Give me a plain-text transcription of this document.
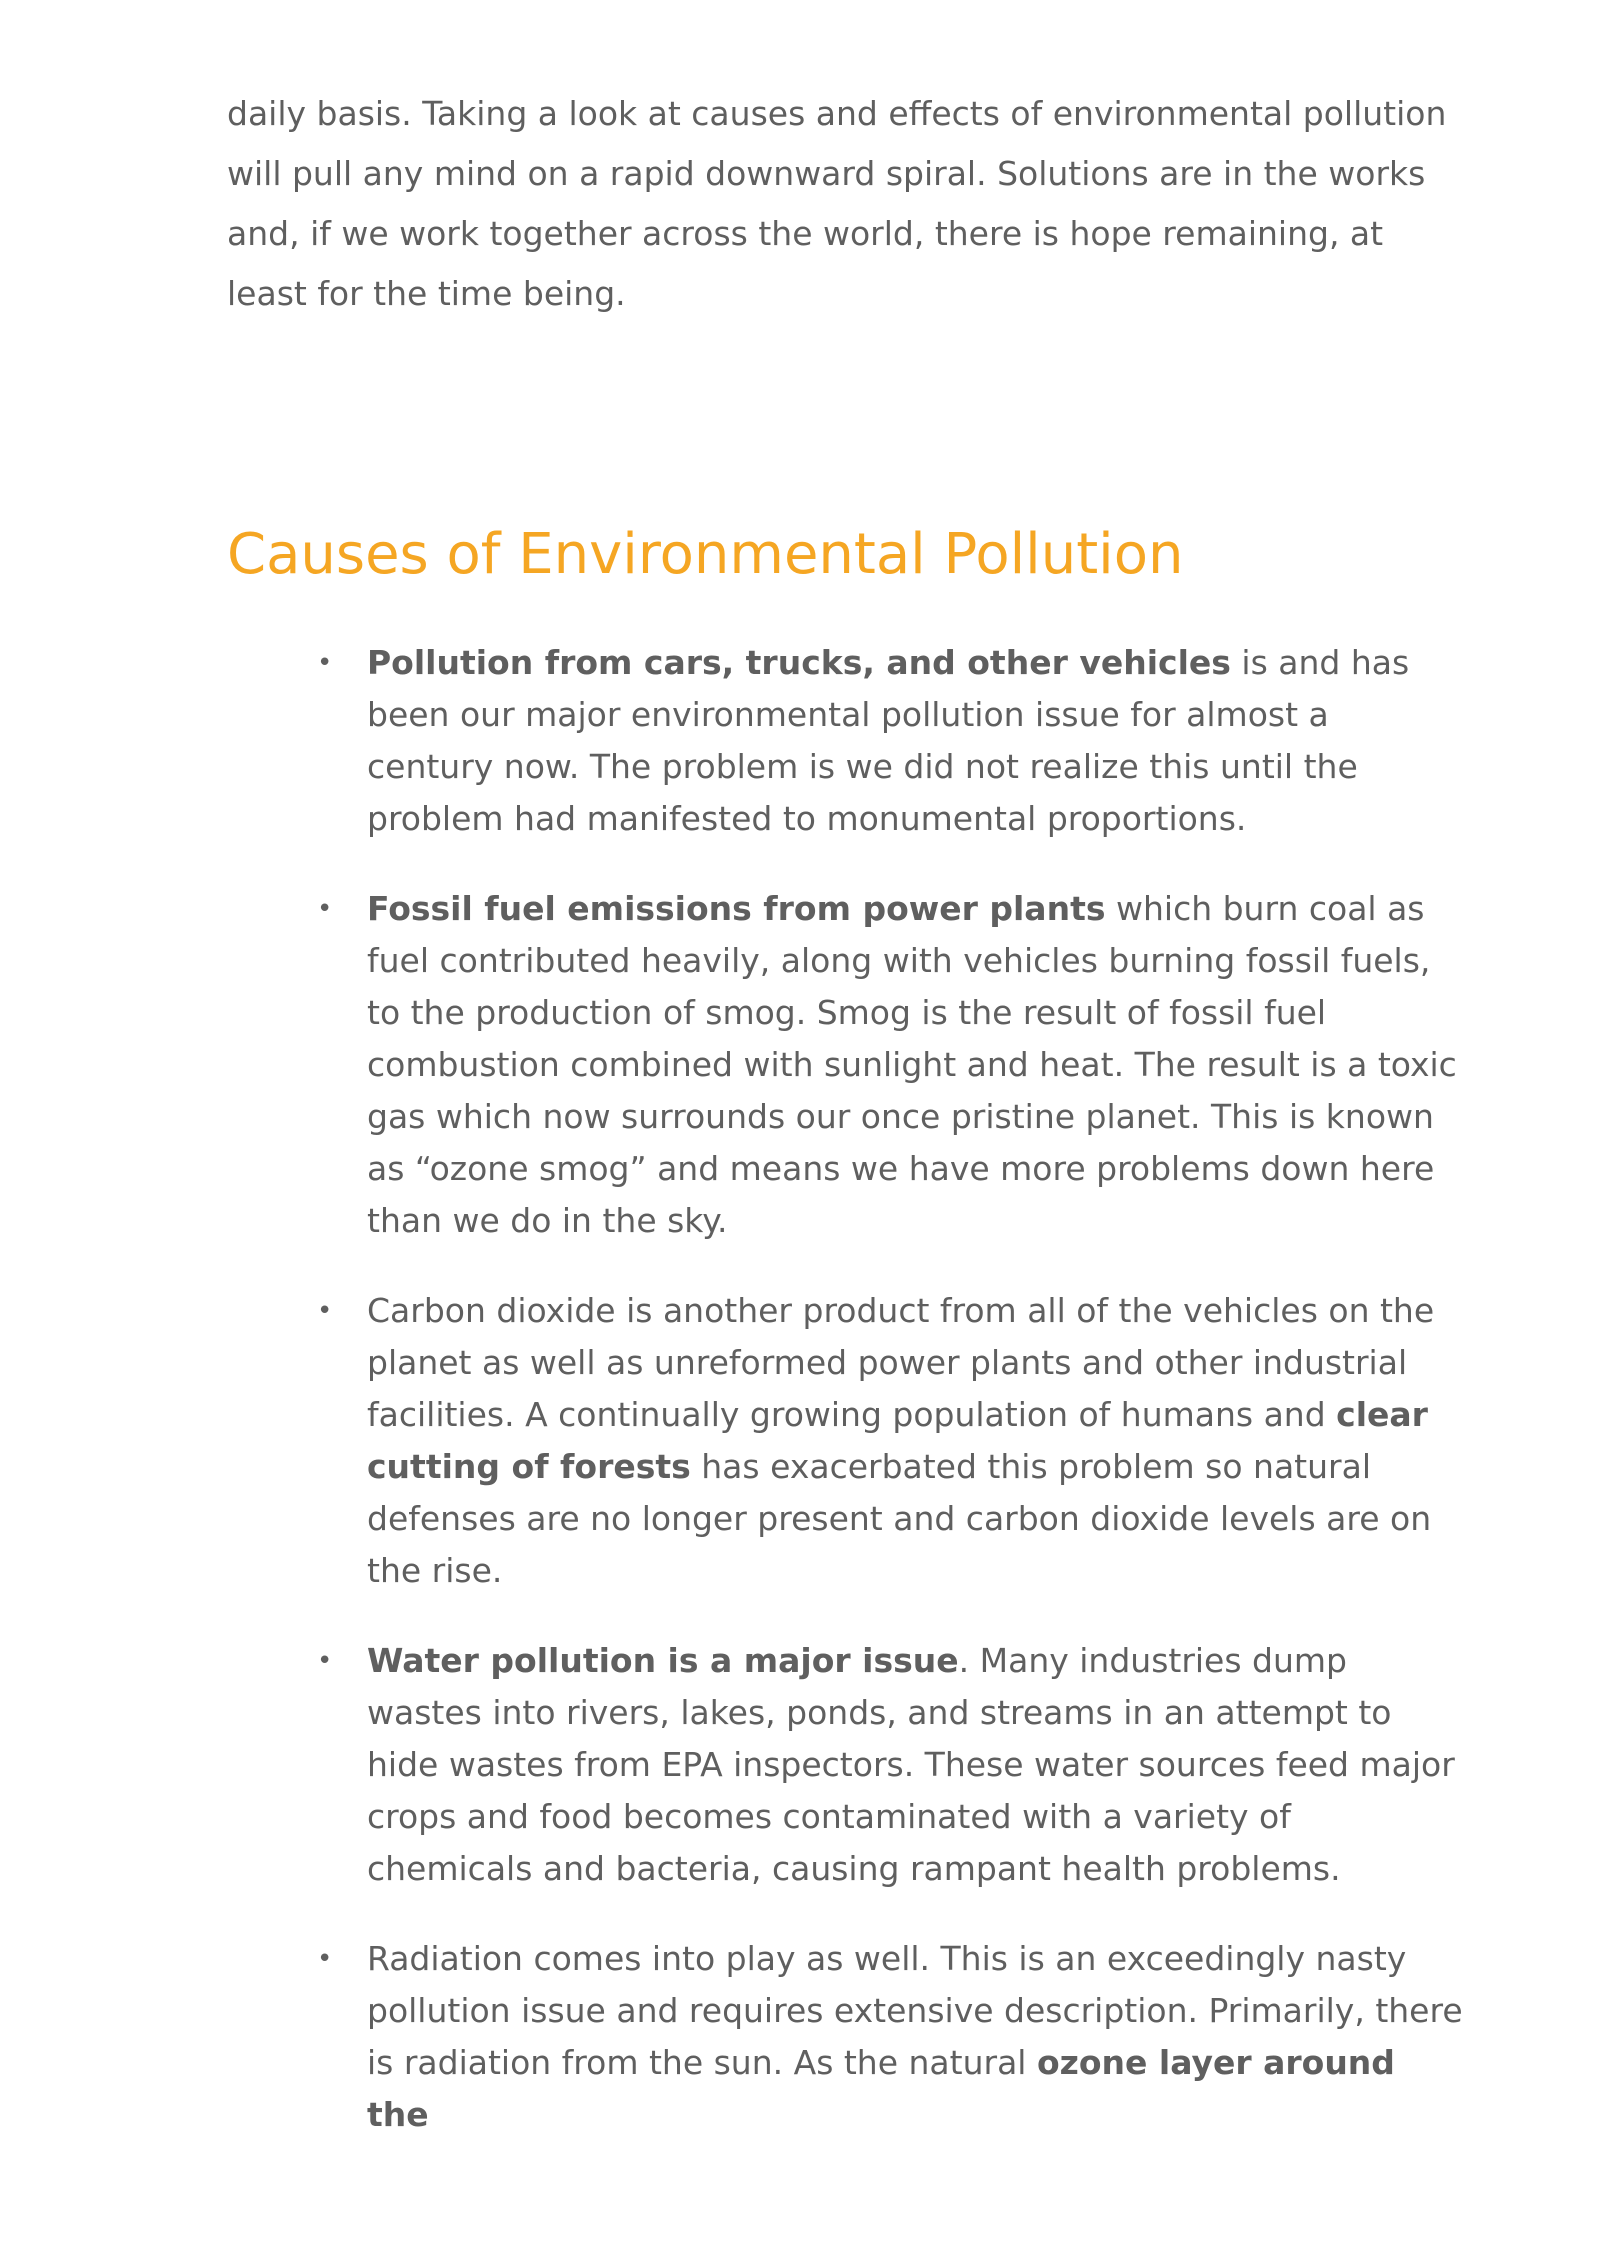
daily basis. Taking a look at causes and effects of environmental pollution will pull any mind on a rapid downward spiral. Solutions are in the works and, if we work together across the world, there is hope remaining, at least for the time being.

Causes of Environmental Pollution
• Pollution from cars, trucks, and other vehicles is and has been our major environmental pollution issue for almost a century now. The problem is we did not realize this until the problem had manifested to monumental proportions.
• Fossil fuel emissions from power plants which burn coal as fuel contributed heavily, along with vehicles burning fossil fuels, to the production of smog. Smog is the result of fossil fuel combustion combined with sunlight and heat. The result is a toxic gas which now surrounds our once pristine planet. This is known as “ozone smog” and means we have more problems down here than we do in the sky.
• Carbon dioxide is another product from all of the vehicles on the planet as well as unreformed power plants and other industrial facilities. A continually growing population of humans and clear cutting of forests has exacerbated this problem so natural defenses are no longer present and carbon dioxide levels are on the rise.
• Water pollution is a major issue. Many industries dump wastes into rivers, lakes, ponds, and streams in an attempt to hide wastes from EPA inspectors. These water sources feed major crops and food becomes contaminated with a variety of chemicals and bacteria, causing rampant health problems.
• Radiation comes into play as well. This is an exceedingly nasty pollution issue and requires extensive description. Primarily, there is radiation from the sun. As the natural ozone layer around the
